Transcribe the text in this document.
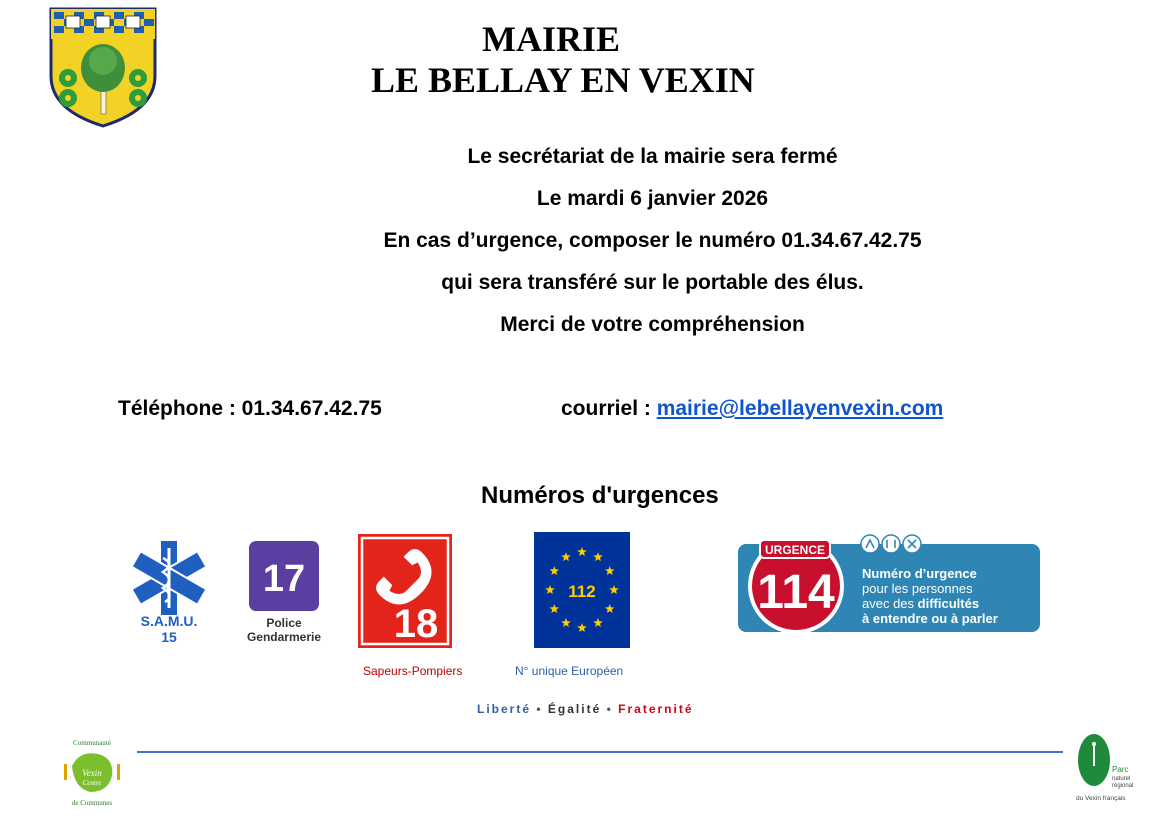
MAIRIE
LE BELLAY EN VEXIN
Le secrétariat de la mairie sera fermé
Le mardi 6 janvier 2026
En cas d’urgence, composer le numéro 01.34.67.42.75
qui sera transféré sur le portable des élus.
Merci de votre compréhension
Téléphone : 01.34.67.42.75	courriel : mairie@lebellayenvexin.com
Numéros d'urgences
S.A.M.U.
15
17
Police
Gendarmerie 18
112
URGENCE
114 Numéro d’urgence
pour les personnes
avec des difficultés
à entendre ou à parler
Sapeurs-Pompiers	N° unique Européen
Liberté • Égalité • Fraternité
Communauté
Vexin
Centre
de Communes
Parc
naturel
régional
du Vexin français
